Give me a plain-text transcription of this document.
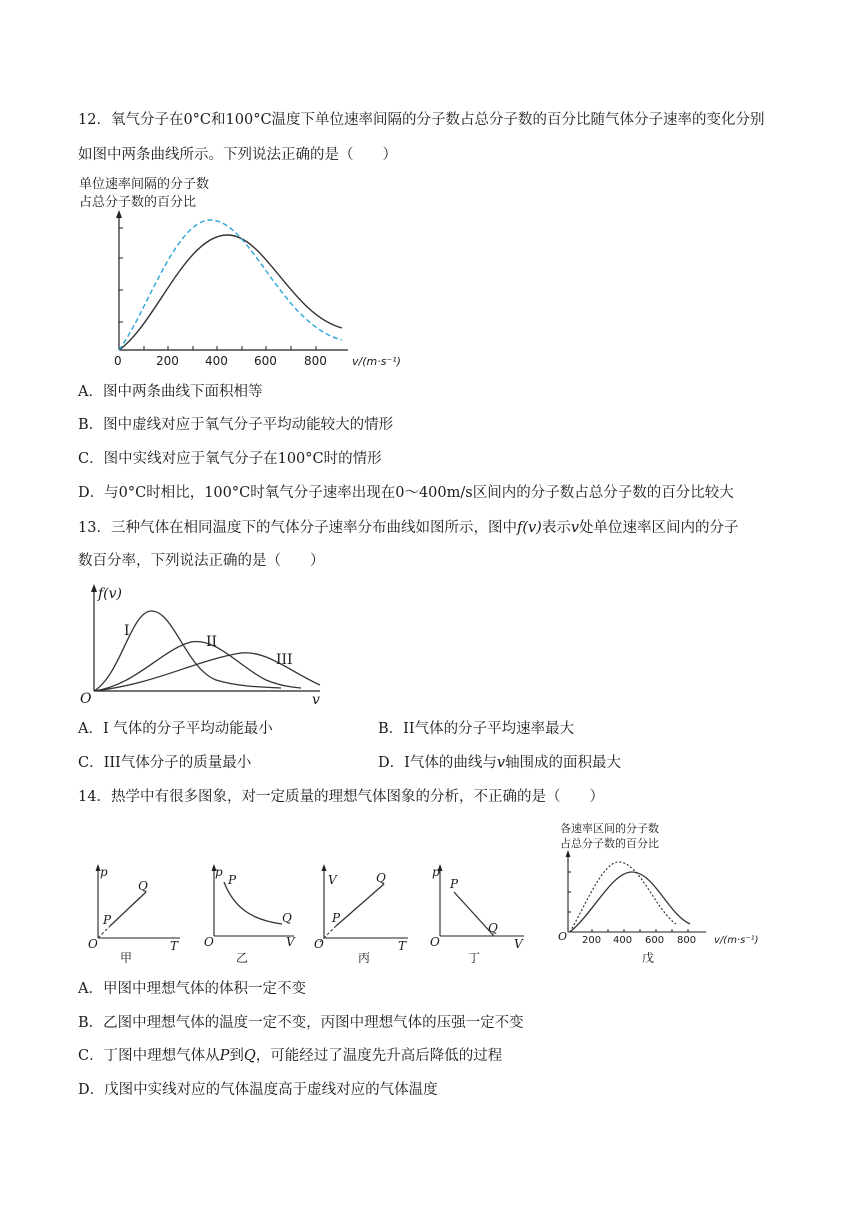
12．氧气分子在0°C和100°C温度下单位速率间隔的分子数占总分子数的百分比随气体分子速率的变化分别
如图中两条曲线所示。下列说法正确的是（　　）
单位速率间隔的分子数
占总分子数的百分比
0	200 400 600 800 v/(m·s⁻¹)
A．图中两条曲线下面积相等
B．图中虚线对应于氧气分子平均动能较大的情形
C．图中实线对应于氧气分子在100°C时的情形
D．与0°C时相比，100°C时氧气分子速率出现在0～400m/s区间内的分子数占总分子数的百分比较大
13．三种气体在相同温度下的气体分子速率分布曲线如图所示，图中f(v)表示v处单位速率区间内的分子
数百分率，下列说法正确的是（　　）
f(v)
O	v
I
II
III
A．I 气体的分子平均动能最小	B．II气体的分子平均速率最大
C．III气体分子的质量最小	D．I气体的曲线与v轴围成的面积最大
14．热学中有很多图象，对一定质量的理想气体图象的分析，不正确的是（　　）
p
P
Q
O	T
甲
p
P
Q
O	V
乙
V
P
Q
O	T
丙
p
P
Q
O	V
丁
各速率区间的分子数
占总分子数的百分比
O 200 400 600 800 v/(m·s⁻¹)
戊
A．甲图中理想气体的体积一定不变
B．乙图中理想气体的温度一定不变，丙图中理想气体的压强一定不变
C．丁图中理想气体从P到Q，可能经过了温度先升高后降低的过程
D．戊图中实线对应的气体温度高于虚线对应的气体温度
